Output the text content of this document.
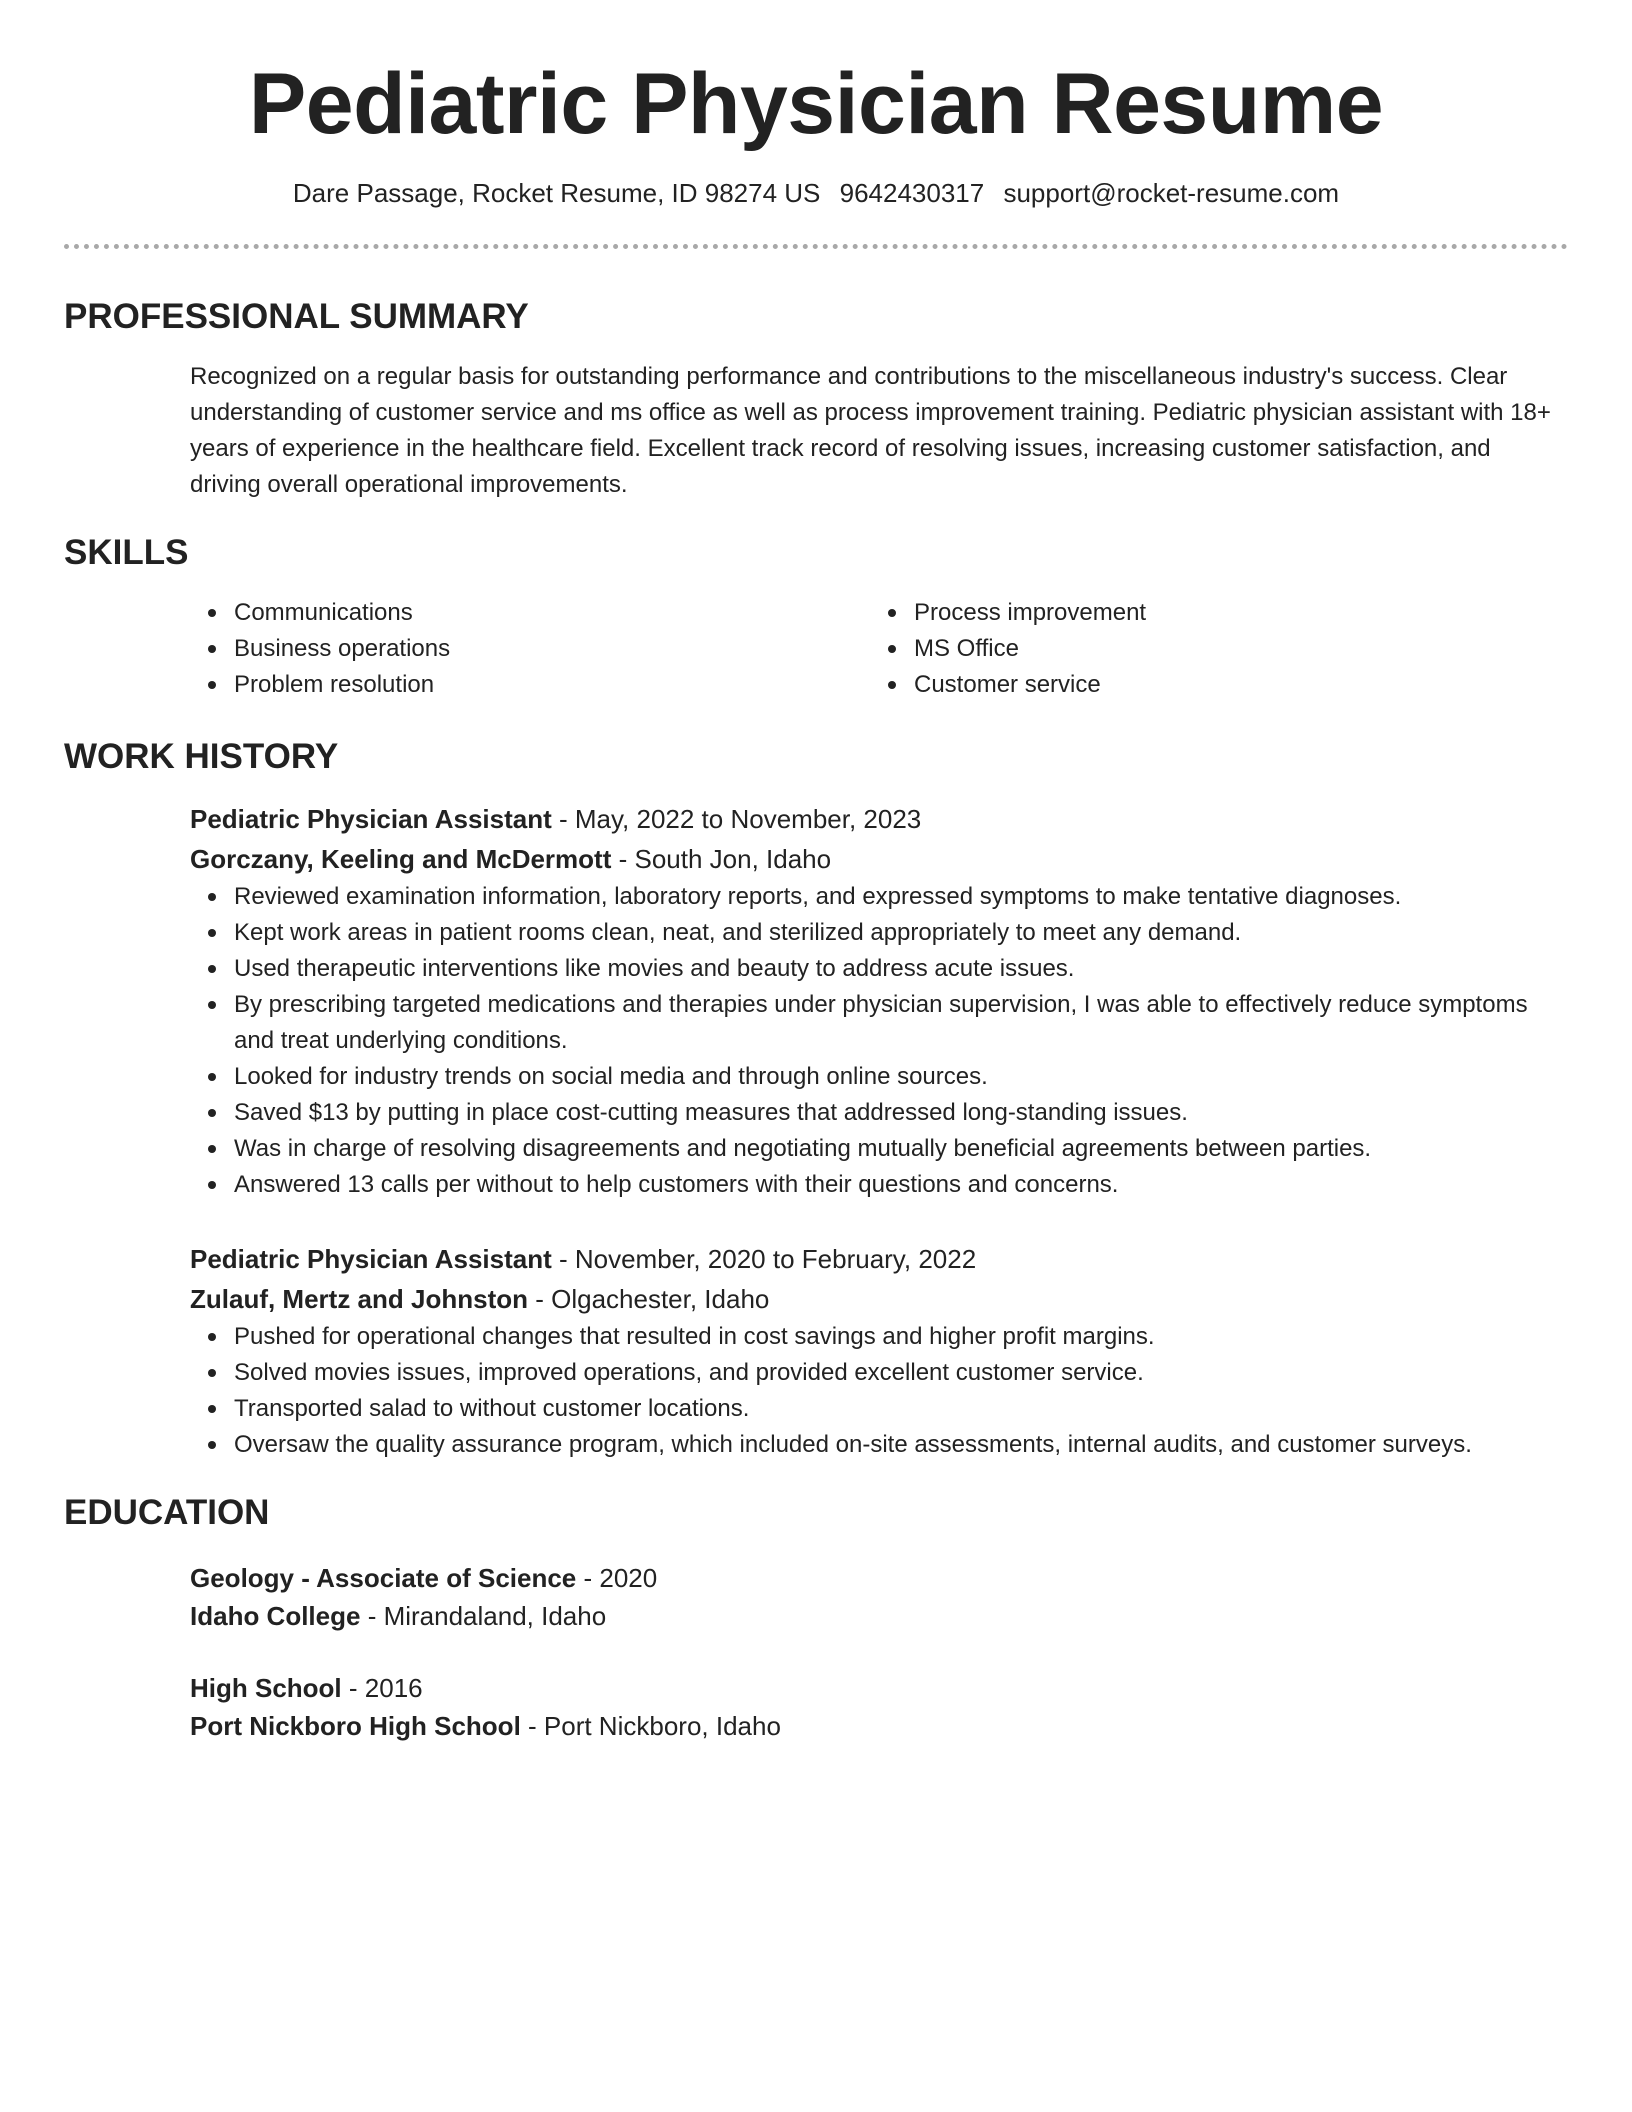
Pediatric Physician Resume
Dare Passage, Rocket Resume, ID 98274 US 9642430317 support@rocket-resume.com
PROFESSIONAL SUMMARY
Recognized on a regular basis for outstanding performance and contributions to the miscellaneous industry's success. Clear understanding of customer service and ms office as well as process improvement training. Pediatric physician assistant with 18+ years of experience in the healthcare field. Excellent track record of resolving issues, increasing customer satisfaction, and driving overall operational improvements.
SKILLS
Communications
Business operations
Problem resolution
Process improvement
MS Office
Customer service
WORK HISTORY
Pediatric Physician Assistant - May, 2022 to November, 2023
Gorczany, Keeling and McDermott - South Jon, Idaho
Reviewed examination information, laboratory reports, and expressed symptoms to make tentative diagnoses.
Kept work areas in patient rooms clean, neat, and sterilized appropriately to meet any demand.
Used therapeutic interventions like movies and beauty to address acute issues.
By prescribing targeted medications and therapies under physician supervision, I was able to effectively reduce symptoms and treat underlying conditions.
Looked for industry trends on social media and through online sources.
Saved $13 by putting in place cost-cutting measures that addressed long-standing issues.
Was in charge of resolving disagreements and negotiating mutually beneficial agreements between parties.
Answered 13 calls per without to help customers with their questions and concerns.
Pediatric Physician Assistant - November, 2020 to February, 2022
Zulauf, Mertz and Johnston - Olgachester, Idaho
Pushed for operational changes that resulted in cost savings and higher profit margins.
Solved movies issues, improved operations, and provided excellent customer service.
Transported salad to without customer locations.
Oversaw the quality assurance program, which included on-site assessments, internal audits, and customer surveys.
EDUCATION
Geology - Associate of Science - 2020
Idaho College - Mirandaland, Idaho
High School - 2016
Port Nickboro High School - Port Nickboro, Idaho
